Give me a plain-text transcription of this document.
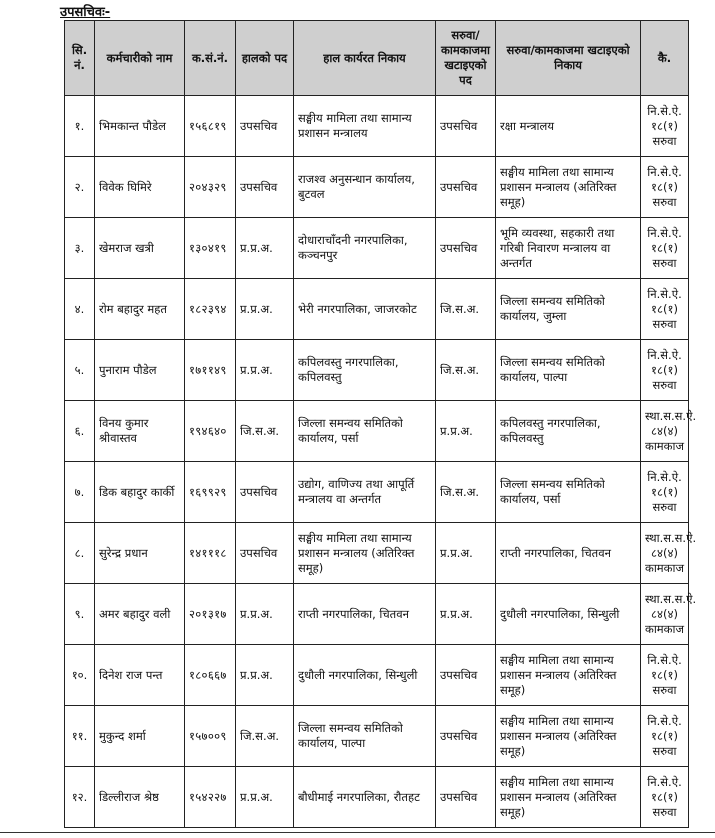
उपसचिवः-
सि. नं.	कर्मचारीको नाम	क.सं.नं.	हालको पद	हाल कार्यरत निकाय	सरुवा/ कामकाजमा खटाइएको पद	सरुवा/कामकाजमा खटाइएको निकाय	कै.
१.	भिमकान्त पौडेल	१५६८१९	उपसचिव	सङ्घीय मामिला तथा सामान्य प्रशासन मन्त्रालय	उपसचिव	रक्षा मन्त्रालय	नि.से.ऐ.
१८(१)
सरुवा

२.	विवेक घिमिरे	२०४३२९	उपसचिव	राजश्व अनुसन्धान कार्यालय, बुटवल	उपसचिव	सङ्घीय मामिला तथा सामान्य प्रशासन मन्त्रालय (अतिरिक्त समूह)	नि.से.ऐ.
१८(१)
सरुवा

३.	खेमराज खत्री	१३०४१९	प्र.प्र.अ.	दोधाराचाँदनी नगरपालिका, कञ्चनपुर	उपसचिव	भूमि व्यवस्था, सहकारी तथा गरिबी निवारण मन्त्रालय वा अन्तर्गत	नि.से.ऐ.
१८(१)
सरुवा

४.	रोम बहादुर महत	१८२३९४	प्र.प्र.अ.	भेरी नगरपालिका, जाजरकोट	जि.स.अ.	जिल्ला समन्वय समितिको कार्यालय, जुम्ला	नि.से.ऐ.
१८(१)
सरुवा

५.	पुनाराम पौडेल	१७११४९	प्र.प्र.अ.	कपिलवस्तु नगरपालिका, कपिलवस्तु	जि.स.अ.	जिल्ला समन्वय समितिको कार्यालय, पाल्पा	नि.से.ऐ.
१८(१)
सरुवा

६.	विनय कुमार श्रीवास्तव	१९४६४०	जि.स.अ.	जिल्ला समन्वय समितिको कार्यालय, पर्सा	प्र.प्र.अ.	कपिलवस्तु नगरपालिका, कपिलवस्तु	स्था.स.स.ऐ.
८४(४)
कामकाज

७.	डिक बहादुर कार्की	१६९९२९	उपसचिव	उद्योग, वाणिज्य तथा आपूर्ति मन्त्रालय वा अन्तर्गत	जि.स.अ.	जिल्ला समन्वय समितिको कार्यालय, पर्सा	नि.से.ऐ.
१८(१)
सरुवा

८.	सुरेन्द्र प्रधान	१४१११८	उपसचिव	सङ्घीय मामिला तथा सामान्य प्रशासन मन्त्रालय (अतिरिक्त समूह)	प्र.प्र.अ.	राप्ती नगरपालिका, चितवन	स्था.स.स.ऐ.
८४(४)
कामकाज

९.	अमर बहादुर वली	२०१३१७	प्र.प्र.अ.	राप्ती नगरपालिका, चितवन	प्र.प्र.अ.	दुधौली नगरपालिका, सिन्धुली	स्था.स.स.ऐ.
८४(४)
कामकाज

१०.	दिनेश राज पन्त	१८०६६७	प्र.प्र.अ.	दुधौली नगरपालिका, सिन्धुली	उपसचिव	सङ्घीय मामिला तथा सामान्य प्रशासन मन्त्रालय (अतिरिक्त समूह)	नि.से.ऐ.
१८(१)
सरुवा

११.	मुकुन्द शर्मा	१५७००९	जि.स.अ.	जिल्ला समन्वय समितिको कार्यालय, पाल्पा	उपसचिव	सङ्घीय मामिला तथा सामान्य प्रशासन मन्त्रालय (अतिरिक्त समूह)	नि.से.ऐ.
१८(१)
सरुवा

१२.	डिल्लीराज श्रेष्ठ	१५४२२७	प्र.प्र.अ.	बौधीमाई नगरपालिका, रौतहट	उपसचिव	सङ्घीय मामिला तथा सामान्य प्रशासन मन्त्रालय (अतिरिक्त समूह)	नि.से.ऐ.
१८(१)
सरुवा
